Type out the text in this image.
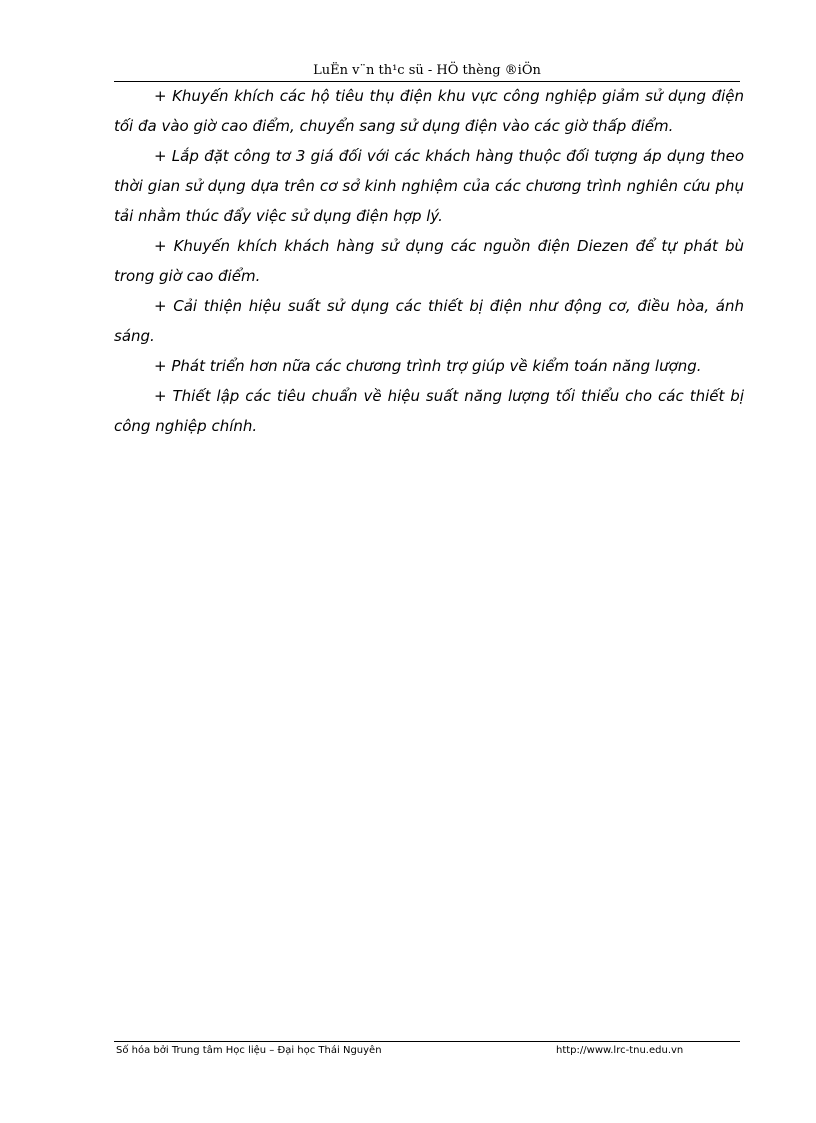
LuËn v¨n th¹c sü - HÖ thèng ®iÖn

+ Khuyến khích các hộ tiêu thụ điện khu vực công nghiệp giảm sử dụng điện tối đa vào giờ cao điểm, chuyển sang sử dụng điện vào các giờ thấp điểm.

+ Lắp đặt công tơ 3 giá đối với các khách hàng thuộc đối tượng áp dụng theo thời gian sử dụng dựa trên cơ sở kinh nghiệm của các chương trình nghiên cứu phụ tải nhằm thúc đẩy việc sử dụng điện hợp lý.

+ Khuyến khích khách hàng sử dụng các nguồn điện Diezen để tự phát bù trong giờ cao điểm.

+ Cải thiện hiệu suất sử dụng các thiết bị điện như động cơ, điều hòa, ánh sáng.

+ Phát triển hơn nữa các chương trình trợ giúp về kiểm toán năng lượng.

+ Thiết lập các tiêu chuẩn về hiệu suất năng lượng tối thiểu cho các thiết bị công nghiệp chính.

Số hóa bởi Trung tâm Học liệu – Đại học Thái Nguyên	http://www.lrc-tnu.edu.vn
